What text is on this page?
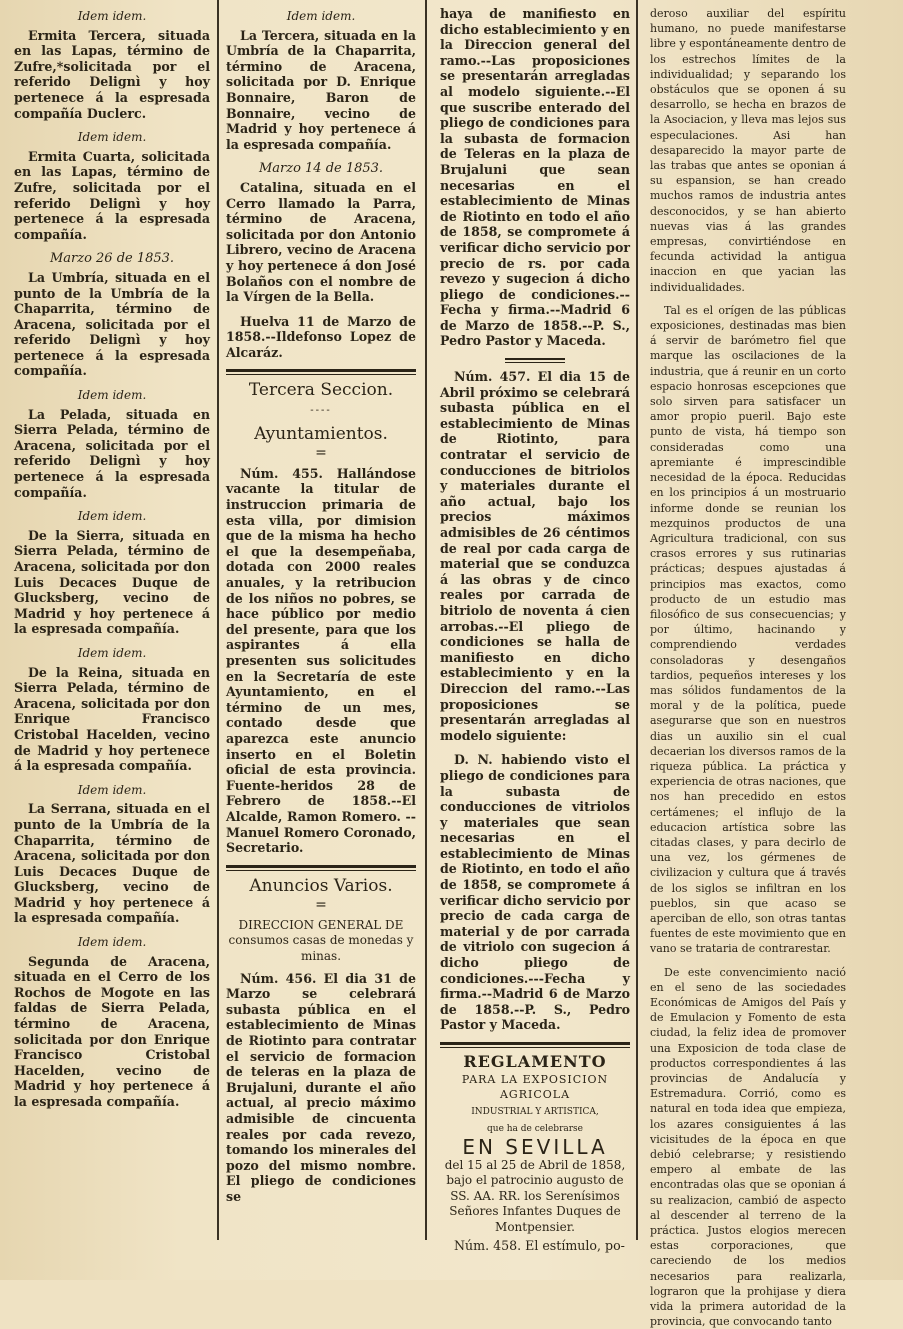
Idem idem.

Ermita Tercera, situada en las Lapas, término de Zufre,*solicitada por el referido Delignì y hoy pertenece á la espresada compañía Duclerc.

Idem idem.

Ermita Cuarta, solicitada en las Lapas, término de Zufre, solicitada por el referido Delignì y hoy pertenece á la espresada compañía.

Marzo 26 de 1853.

La Umbría, situada en el punto de la Umbría de la Chaparrita, término de Aracena, solicitada por el referido Delignì y hoy pertenece á la espresada compañía.

Idem idem.

La Pelada, situada en Sierra Pelada, término de Aracena, solicitada por el referido Delignì y hoy pertenece á la espresada compañía.

Idem idem.

De la Sierra, situada en Sierra Pelada, término de Aracena, solicitada por don Luis Decaces Duque de Glucksberg, vecino de Madrid y hoy pertenece á la espresada compañía.

Idem idem.

De la Reina, situada en Sierra Pelada, término de Aracena, solicitada por don Enrique Francisco Cristobal Hacelden, vecino de Madrid y hoy pertenece á la espresada compañía.

Idem idem.

La Serrana, situada en el punto de la Umbría de la Chaparrita, término de Aracena, solicitada por don Luis Decaces Duque de Glucksberg, vecino de Madrid y hoy pertenece á la espresada compañía.

Idem idem.

Segunda de Aracena, situada en el Cerro de los Rochos de Mogote en las faldas de Sierra Pelada, término de Aracena, solicitada por don Enrique Francisco Cristobal Hacelden, vecino de Madrid y hoy pertenece á la espresada compañía.

Idem idem.

La Tercera, situada en la Umbría de la Chaparrita, término de Aracena, solicitada por D. Enrique Bonnaire, Baron de Bonnaire, vecino de Madrid y hoy pertenece á la espresada compañía.

Marzo 14 de 1853.

Catalina, situada en el Cerro llamado la Parra, término de Aracena, solicitada por don Antonio Librero, vecino de Aracena y hoy pertenece á don José Bolaños con el nombre de la Vírgen de la Bella.

Huelva 11 de Marzo de 1858.--Ildefonso Lopez de Alcaráz.

Tercera Seccion.
----
Ayuntamientos.
=

Núm. 455. Hallándose vacante la titular de instruccion primaria de esta villa, por dimision que de la misma ha hecho el que la desempeñaba, dotada con 2000 reales anuales, y la retribucion de los niños no pobres, se hace público por medio del presente, para que los aspirantes á ella presenten sus solicitudes en la Secretaría de este Ayuntamiento, en el término de un mes, contado desde que aparezca este anuncio inserto en el Boletin oficial de esta provincia. Fuente-heridos 28 de Febrero de 1858.--El Alcalde, Ramon Romero. --Manuel Romero Coronado, Secretario.

Anuncios Varios.
=
DIRECCION GENERAL DE consumos casas de monedas y minas.

Núm. 456. El dia 31 de Marzo se celebrará subasta pública en el establecimiento de Minas de Riotinto para contratar el servicio de formacion de teleras en la plaza de Brujaluni, durante el año actual, al precio máximo admisible de cincuenta reales por cada revezo, tomando los minerales del pozo del mismo nombre. El pliego de condiciones se

haya de manifiesto en dicho establecimiento y en la Direccion general del ramo.--Las proposiciones se presentarán arregladas al modelo siguiente.--El que suscribe enterado del pliego de condiciones para la subasta de formacion de Teleras en la plaza de Brujaluni que sean necesarias en el establecimiento de Minas de Riotinto en todo el año de 1858, se compromete á verificar dicho servicio por precio de rs. por cada revezo y sugecion á dicho pliego de condiciones.--Fecha y firma.--Madrid 6 de Marzo de 1858.--P. S., Pedro Pastor y Maceda.

Núm. 457. El dia 15 de Abril próximo se celebrará subasta pública en el establecimiento de Minas de Riotinto, para contratar el servicio de conducciones de bitriolos y materiales durante el año actual, bajo los precios máximos admisibles de 26 céntimos de real por cada carga de material que se conduzca á las obras y de cinco reales por carrada de bitriolo de noventa á cien arrobas.--El pliego de condiciones se halla de manifiesto en dicho establecimiento y en la Direccion del ramo.--Las proposiciones se presentarán arregladas al modelo siguiente:

D. N. habiendo visto el pliego de condiciones para la subasta de conducciones de vitriolos y materiales que sean necesarias en el establecimiento de Minas de Riotinto, en todo el año de 1858, se compromete á verificar dicho servicio por precio de cada carga de material y de por carrada de vitriolo con sugecion á dicho pliego de condiciones.---Fecha y firma.--Madrid 6 de Marzo de 1858.--P. S., Pedro Pastor y Maceda.

REGLAMENTO
PARA LA EXPOSICION AGRICOLA
INDUSTRIAL Y ARTISTICA,
que ha de celebrarse
EN SEVILLA
del 15 al 25 de Abril de 1858, bajo el patrocinio augusto de SS. AA. RR. los Serenísimos Señores Infantes Duques de Montpensier.

Núm. 458. El estímulo, po-

deroso auxiliar del espíritu humano, no puede manifestarse libre y espontáneamente dentro de los estrechos límites de la individualidad; y separando los obstáculos que se oponen á su desarrollo, se hecha en brazos de la Asociacion, y lleva mas lejos sus especulaciones. Asi han desaparecido la mayor parte de las trabas que antes se oponian á su espansion, se han creado muchos ramos de industria antes desconocidos, y se han abierto nuevas vias á las grandes empresas, convirtiéndose en fecunda actividad la antigua inaccion en que yacian las individualidades.

Tal es el orígen de las públicas exposiciones, destinadas mas bien á servir de barómetro fiel que marque las oscilaciones de la industria, que á reunir en un corto espacio honrosas escepciones que solo sirven para satisfacer un amor propio pueril. Bajo este punto de vista, há tiempo son consideradas como una apremiante é imprescindible necesidad de la época. Reducidas en los principios á un mostruario informe donde se reunian los mezquinos productos de una Agricultura tradicional, con sus crasos errores y sus rutinarias prácticas; despues ajustadas á principios mas exactos, como producto de un estudio mas filosófico de sus consecuencias; y por último, hacinando y comprendiendo verdades consoladoras y desengaños tardios, pequeños intereses y los mas sólidos fundamentos de la moral y de la política, puede asegurarse que son en nuestros dias un auxilio sin el cual decaerian los diversos ramos de la riqueza pública. La práctica y experiencia de otras naciones, que nos han precedido en estos certámenes; el influjo de la educacion artística sobre las citadas clases, y para decirlo de una vez, los gérmenes de civilizacion y cultura que á través de los siglos se infiltran en los pueblos, sin que acaso se aperciban de ello, son otras tantas fuentes de este movimiento que en vano se trataria de contrarestar.

De este convencimiento nació en el seno de las sociedades Económicas de Amigos del País y de Emulacion y Fomento de esta ciudad, la feliz idea de promover una Exposicion de toda clase de productos correspondientes á las provincias de Andalucía y Estremadura. Corrió, como es natural en toda idea que empieza, los azares consiguientes á las vicisitudes de la época en que debió celebrarse; y resistiendo empero al embate de las encontradas olas que se oponian á su realizacion, cambió de aspecto al descender al terreno de la práctica. Justos elogios merecen estas corporaciones, que careciendo de los medios necesarios para realizarla, lograron que la prohijase y diera vida la primera autoridad de la provincia, que convocando tanto
